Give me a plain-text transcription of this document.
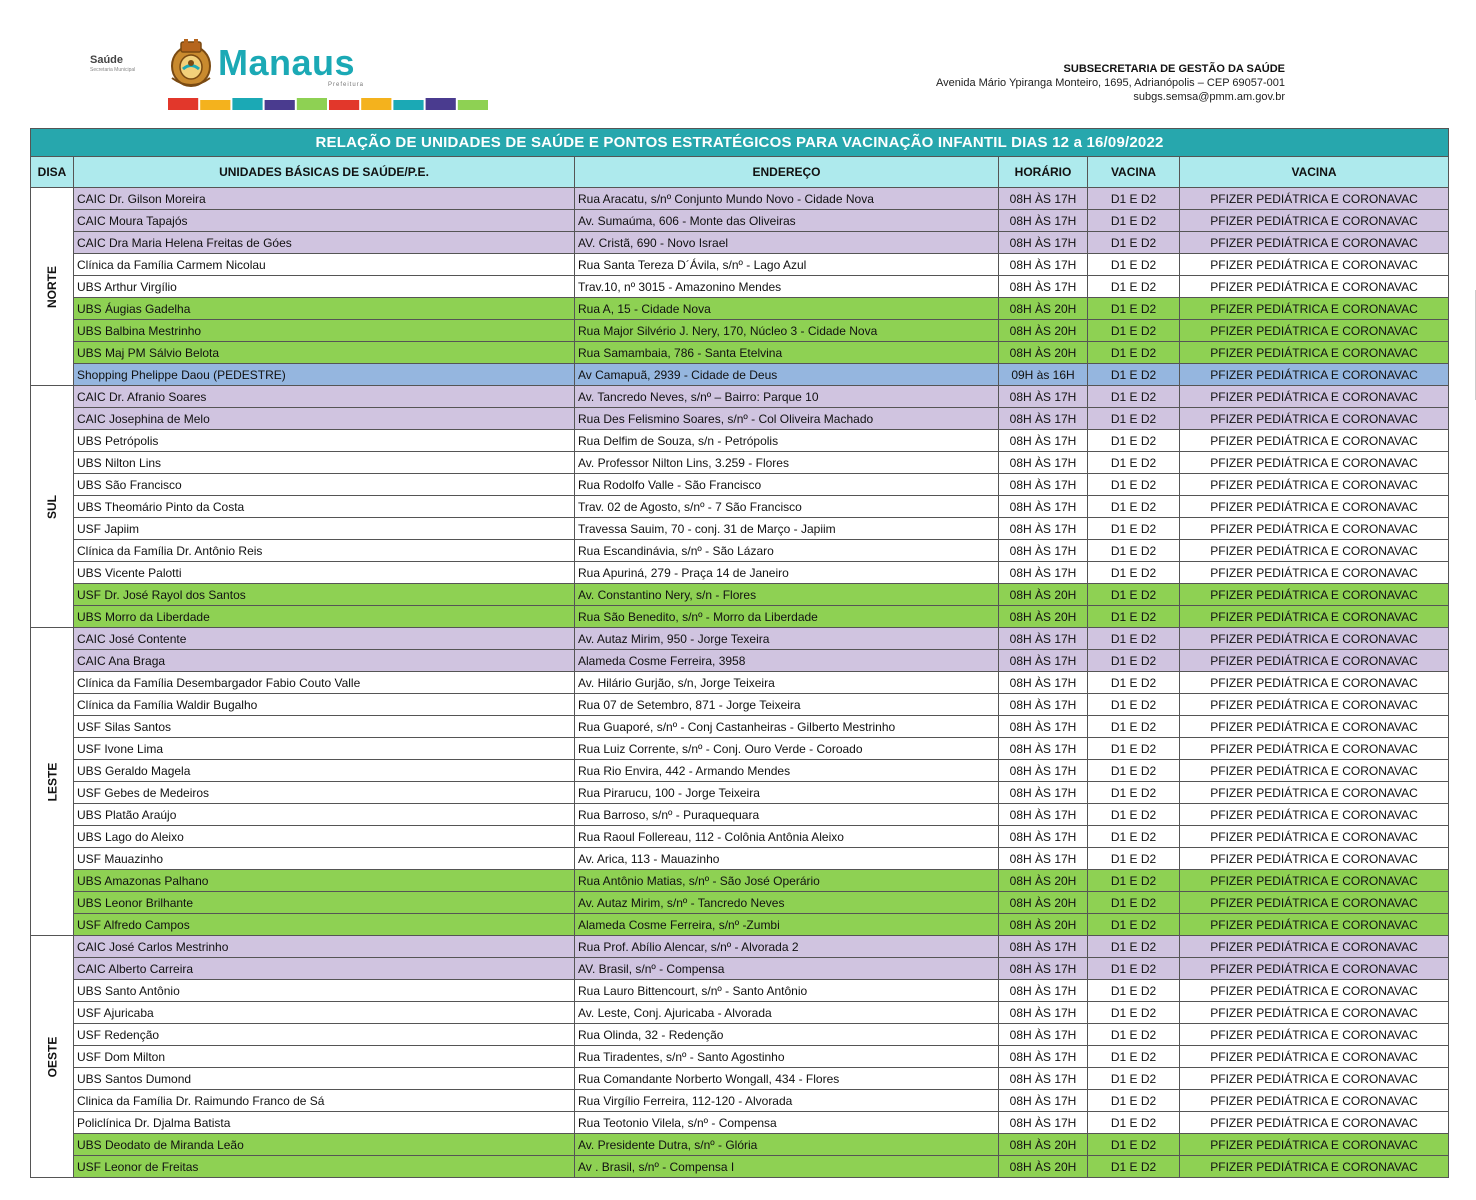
Saúde
Secretaria Municipal	Manaus
Prefeitura
SUBSECRETARIA DE GESTÃO DA SAÚDE
Avenida Mário Ypiranga Monteiro, 1695, Adrianópolis – CEP 69057-001
subgs.semsa@pmm.am.gov.br
RELAÇÃO DE UNIDADES DE SAÚDE E PONTOS ESTRATÉGICOS PARA VACINAÇÃO INFANTIL DIAS 12 a 16/09/2022					
DISA	UNIDADES BÁSICAS DE SAÚDE/P.E.	ENDEREÇO	HORÁRIO	VACINA	VACINA
NORTE	CAIC Dr. Gilson Moreira	Rua Aracatu, s/nº Conjunto Mundo Novo - Cidade Nova	08H ÀS 17H	D1 E D2	PFIZER PEDIÁTRICA E CORONAVAC
	CAIC Moura Tapajós	Av. Sumaúma, 606 - Monte das Oliveiras	08H ÀS 17H	D1 E D2	PFIZER PEDIÁTRICA E CORONAVAC
	CAIC Dra Maria Helena Freitas de Góes	AV. Cristã, 690 - Novo Israel	08H ÀS 17H	D1 E D2	PFIZER PEDIÁTRICA E CORONAVAC
	Clínica da Família Carmem Nicolau	Rua Santa Tereza D´Ávila, s/nº - Lago Azul	08H ÀS 17H	D1 E D2	PFIZER PEDIÁTRICA E CORONAVAC
	UBS Arthur Virgílio	Trav.10, nº 3015 - Amazonino Mendes	08H ÀS 17H	D1 E D2	PFIZER PEDIÁTRICA E CORONAVAC
	UBS Áugias Gadelha	Rua A, 15 - Cidade Nova	08H ÀS 20H	D1 E D2	PFIZER PEDIÁTRICA E CORONAVAC
	UBS Balbina Mestrinho	Rua Major Silvério J. Nery, 170, Núcleo 3 - Cidade Nova	08H ÀS 20H	D1 E D2	PFIZER PEDIÁTRICA E CORONAVAC
	UBS Maj PM Sálvio Belota	Rua Samambaia, 786 - Santa Etelvina	08H ÀS 20H	D1 E D2	PFIZER PEDIÁTRICA E CORONAVAC
	Shopping Phelippe Daou (PEDESTRE)	Av Camapuã, 2939 - Cidade de Deus	09H às 16H	D1 E D2	PFIZER PEDIÁTRICA E CORONAVAC
SUL	CAIC Dr. Afranio Soares	Av. Tancredo Neves, s/nº – Bairro: Parque 10	08H ÀS 17H	D1 E D2	PFIZER PEDIÁTRICA E CORONAVAC
	CAIC Josephina de Melo	Rua Des Felismino Soares, s/nº - Col Oliveira Machado	08H ÀS 17H	D1 E D2	PFIZER PEDIÁTRICA E CORONAVAC
	UBS Petrópolis	Rua Delfim de Souza, s/n - Petrópolis	08H ÀS 17H	D1 E D2	PFIZER PEDIÁTRICA E CORONAVAC
	UBS Nilton Lins	Av. Professor Nilton Lins, 3.259 - Flores	08H ÀS 17H	D1 E D2	PFIZER PEDIÁTRICA E CORONAVAC
	UBS São Francisco	Rua Rodolfo Valle - São Francisco	08H ÀS 17H	D1 E D2	PFIZER PEDIÁTRICA E CORONAVAC
	UBS Theomário Pinto da Costa	Trav. 02 de Agosto, s/nº - 7 São Francisco	08H ÀS 17H	D1 E D2	PFIZER PEDIÁTRICA E CORONAVAC
	USF Japiim	Travessa Sauim, 70 - conj. 31 de Março - Japiim	08H ÀS 17H	D1 E D2	PFIZER PEDIÁTRICA E CORONAVAC
	Clínica da Família Dr. Antônio Reis	Rua Escandinávia, s/nº - São Lázaro	08H ÀS 17H	D1 E D2	PFIZER PEDIÁTRICA E CORONAVAC
	UBS Vicente Palotti	Rua Apuriná, 279 - Praça 14 de Janeiro	08H ÀS 17H	D1 E D2	PFIZER PEDIÁTRICA E CORONAVAC
	USF Dr. José Rayol dos Santos	Av. Constantino Nery, s/n - Flores	08H ÀS 20H	D1 E D2	PFIZER PEDIÁTRICA E CORONAVAC
	UBS Morro da Liberdade	Rua São Benedito, s/nº - Morro da Liberdade	08H ÀS 20H	D1 E D2	PFIZER PEDIÁTRICA E CORONAVAC
LESTE	CAIC José Contente	Av. Autaz Mirim, 950 - Jorge Texeira	08H ÀS 17H	D1 E D2	PFIZER PEDIÁTRICA E CORONAVAC
	CAIC Ana Braga	Alameda Cosme Ferreira, 3958	08H ÀS 17H	D1 E D2	PFIZER PEDIÁTRICA E CORONAVAC
	Clínica da Família Desembargador Fabio Couto Valle	Av. Hilário Gurjão, s/n, Jorge Teixeira	08H ÀS 17H	D1 E D2	PFIZER PEDIÁTRICA E CORONAVAC
	Clínica da Família Waldir Bugalho	Rua 07 de Setembro, 871 - Jorge Teixeira	08H ÀS 17H	D1 E D2	PFIZER PEDIÁTRICA E CORONAVAC
	USF Silas Santos	Rua Guaporé, s/nº - Conj Castanheiras - Gilberto Mestrinho	08H ÀS 17H	D1 E D2	PFIZER PEDIÁTRICA E CORONAVAC
	USF Ivone Lima	Rua Luiz Corrente, s/nº - Conj. Ouro Verde - Coroado	08H ÀS 17H	D1 E D2	PFIZER PEDIÁTRICA E CORONAVAC
	UBS Geraldo Magela	Rua Rio Envira, 442 - Armando Mendes	08H ÀS 17H	D1 E D2	PFIZER PEDIÁTRICA E CORONAVAC
	USF Gebes de Medeiros	Rua Pirarucu, 100 - Jorge Teixeira	08H ÀS 17H	D1 E D2	PFIZER PEDIÁTRICA E CORONAVAC
	UBS Platão Araújo	Rua Barroso, s/nº - Puraquequara	08H ÀS 17H	D1 E D2	PFIZER PEDIÁTRICA E CORONAVAC
	UBS Lago do Aleixo	Rua Raoul Follereau, 112 - Colônia Antônia Aleixo	08H ÀS 17H	D1 E D2	PFIZER PEDIÁTRICA E CORONAVAC
	USF Mauazinho	Av. Arica, 113 - Mauazinho	08H ÀS 17H	D1 E D2	PFIZER PEDIÁTRICA E CORONAVAC
	UBS Amazonas Palhano	Rua Antônio Matias, s/nº - São José Operário	08H ÀS 20H	D1 E D2	PFIZER PEDIÁTRICA E CORONAVAC
	UBS Leonor Brilhante	Av. Autaz Mirim, s/nº - Tancredo Neves	08H ÀS 20H	D1 E D2	PFIZER PEDIÁTRICA E CORONAVAC
	USF Alfredo Campos	Alameda Cosme Ferreira, s/nº -Zumbi	08H ÀS 20H	D1 E D2	PFIZER PEDIÁTRICA E CORONAVAC
OESTE	CAIC José Carlos Mestrinho	Rua Prof. Abílio Alencar, s/nº - Alvorada 2	08H ÀS 17H	D1 E D2	PFIZER PEDIÁTRICA E CORONAVAC
	CAIC Alberto Carreira	AV. Brasil, s/nº - Compensa	08H ÀS 17H	D1 E D2	PFIZER PEDIÁTRICA E CORONAVAC
	UBS Santo Antônio	Rua Lauro Bittencourt, s/nº - Santo Antônio	08H ÀS 17H	D1 E D2	PFIZER PEDIÁTRICA E CORONAVAC
	USF Ajuricaba	Av. Leste, Conj. Ajuricaba - Alvorada	08H ÀS 17H	D1 E D2	PFIZER PEDIÁTRICA E CORONAVAC
	USF Redenção	Rua Olinda, 32 - Redenção	08H ÀS 17H	D1 E D2	PFIZER PEDIÁTRICA E CORONAVAC
	USF Dom Milton	Rua Tiradentes, s/nº - Santo Agostinho	08H ÀS 17H	D1 E D2	PFIZER PEDIÁTRICA E CORONAVAC
	UBS Santos Dumond	Rua Comandante Norberto Wongall, 434 - Flores	08H ÀS 17H	D1 E D2	PFIZER PEDIÁTRICA E CORONAVAC
	Clinica da Família Dr. Raimundo Franco de Sá	Rua Virgílio Ferreira, 112-120 - Alvorada	08H ÀS 17H	D1 E D2	PFIZER PEDIÁTRICA E CORONAVAC
	Policlínica Dr. Djalma Batista	Rua Teotonio Vilela, s/nº - Compensa	08H ÀS 17H	D1 E D2	PFIZER PEDIÁTRICA E CORONAVAC
	UBS Deodato de Miranda Leão	Av. Presidente Dutra, s/nº - Glória	08H ÀS 20H	D1 E D2	PFIZER PEDIÁTRICA E CORONAVAC
	USF Leonor de Freitas	Av . Brasil, s/nº - Compensa I	08H ÀS 20H	D1 E D2	PFIZER PEDIÁTRICA E CORONAVAC
